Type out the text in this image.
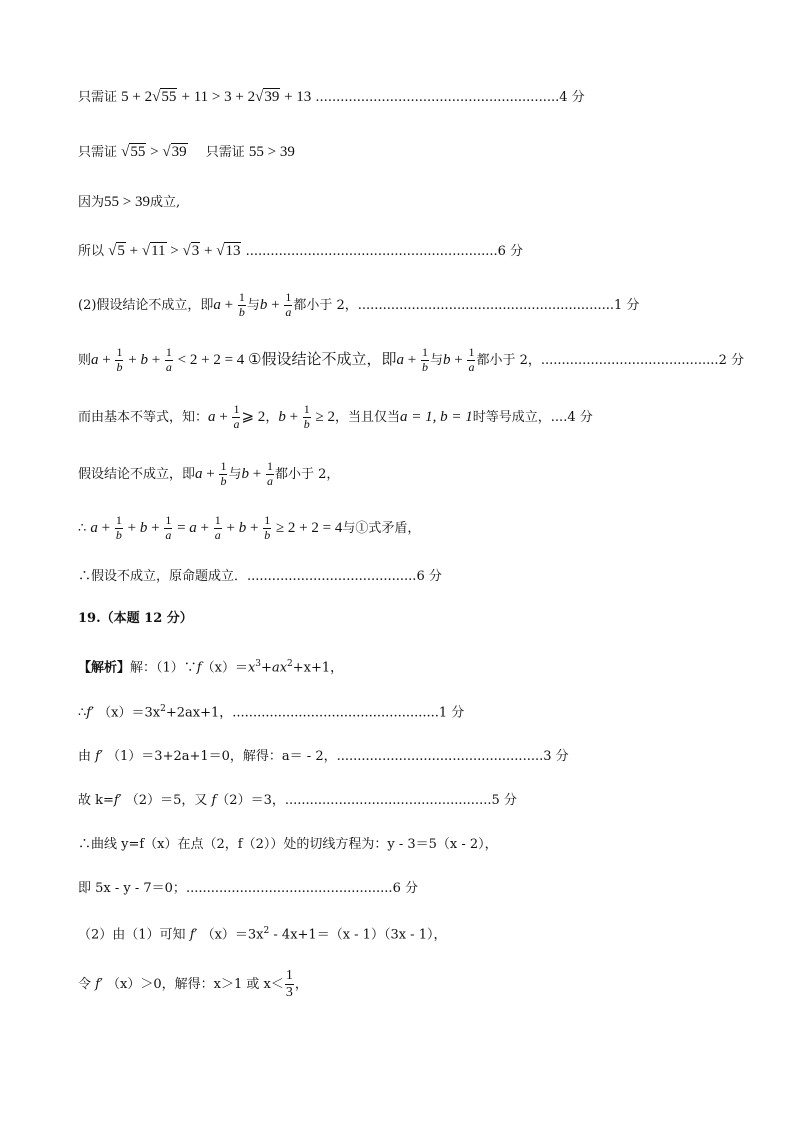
只需证 5 + 2√55 + 11 > 3 + 2√39 + 13 ...........................................................4 分
只需证 √55 > √39 只需证 55 > 39
因为55 > 39成立,
所以 √5 + √11 > √3 + √13 .............................................................6 分
(2)假设结论不成立，即$a + \frac{1}{b}$ 与$b + \frac{1}{a}$ 都小于 2，..............................................................1 分
则$a + \frac{1}{b} + b + \frac{1}{a} < 2 + 2 = 4$ ①假设结论不成立，即$a + \frac{1}{b}$ 与$b + \frac{1}{a}$ 都小于 2，...........................................2 分
而由基本不等式，知：$a + \frac{1}{a}$ ⩾ 2，$b + \frac{1}{b} \ge 2$，当且仅当a = 1, b = 1时等号成立，....4 分
假设结论不成立，即$a + \frac{1}{b}$ 与$b + \frac{1}{a}$ 都小于 2，
∴ $a + \frac{1}{b} + b + \frac{1}{a} = a + \frac{1}{a} + b + \frac{1}{b} \ge 2 + 2 = 4$与①式矛盾，
∴假设不成立，原命题成立．.........................................6 分
19.（本题 12 分）
【解析】解：$(1)\because f(x)=x^3+ax^2+x+1$，
∴f′ $(x)=3x^2+2ax+1$，..................................................1 分
由 f′ （1）＝3+2a+1＝0，解得：a＝ - 2，..................................................3 分
故 k=f′ （2）＝5，又 f（2）＝3，..................................................5 分
∴曲线 y=f（x）在点（2，f（2））处的切线方程为：y - 3＝5（x - 2），
即 5x - y - 7＝0；..................................................6 分
（2）由（1）可知 f′ $(x)=3x^2 - 4x+1=(x - 1)(3x - 1)$，
令 f′ （x）＞0，解得：x＞1 或 $x< \frac{1}{3}$ ，
